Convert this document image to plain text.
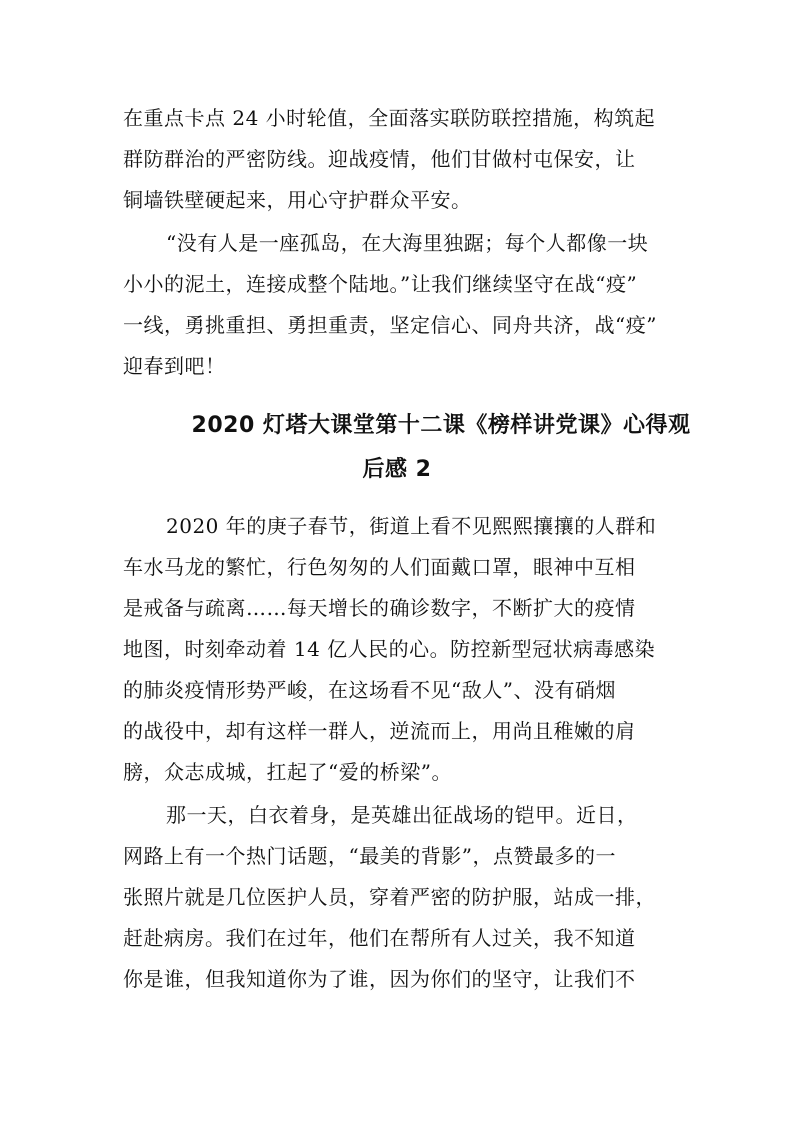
在重点卡点 24 小时轮值，全面落实联防联控措施，构筑起
群防群治的严密防线。迎战疫情，他们甘做村屯保安，让
铜墙铁壁硬起来，用心守护群众平安。
“没有人是一座孤岛，在大海里独踞；每个人都像一块
小小的泥土，连接成整个陆地。”让我们继续坚守在战“疫”
一线，勇挑重担、勇担重责，坚定信心、同舟共济，战“疫”
迎春到吧！
2020 灯塔大课堂第十二课《榜样讲党课》心得观
后感 2
2020 年的庚子春节，街道上看不见熙熙攘攘的人群和
车水马龙的繁忙，行色匆匆的人们面戴口罩，眼神中互相
是戒备与疏离……每天增长的确诊数字，不断扩大的疫情
地图，时刻牵动着 14 亿人民的心。防控新型冠状病毒感染
的肺炎疫情形势严峻，在这场看不见“敌人”、没有硝烟
的战役中，却有这样一群人，逆流而上，用尚且稚嫩的肩
膀，众志成城，扛起了“爱的桥梁”。
那一天，白衣着身，是英雄出征战场的铠甲。近日，
网路上有一个热门话题，“最美的背影”，点赞最多的一
张照片就是几位医护人员，穿着严密的防护服，站成一排，
赶赴病房。我们在过年，他们在帮所有人过关，我不知道
你是谁，但我知道你为了谁，因为你们的坚守，让我们不
